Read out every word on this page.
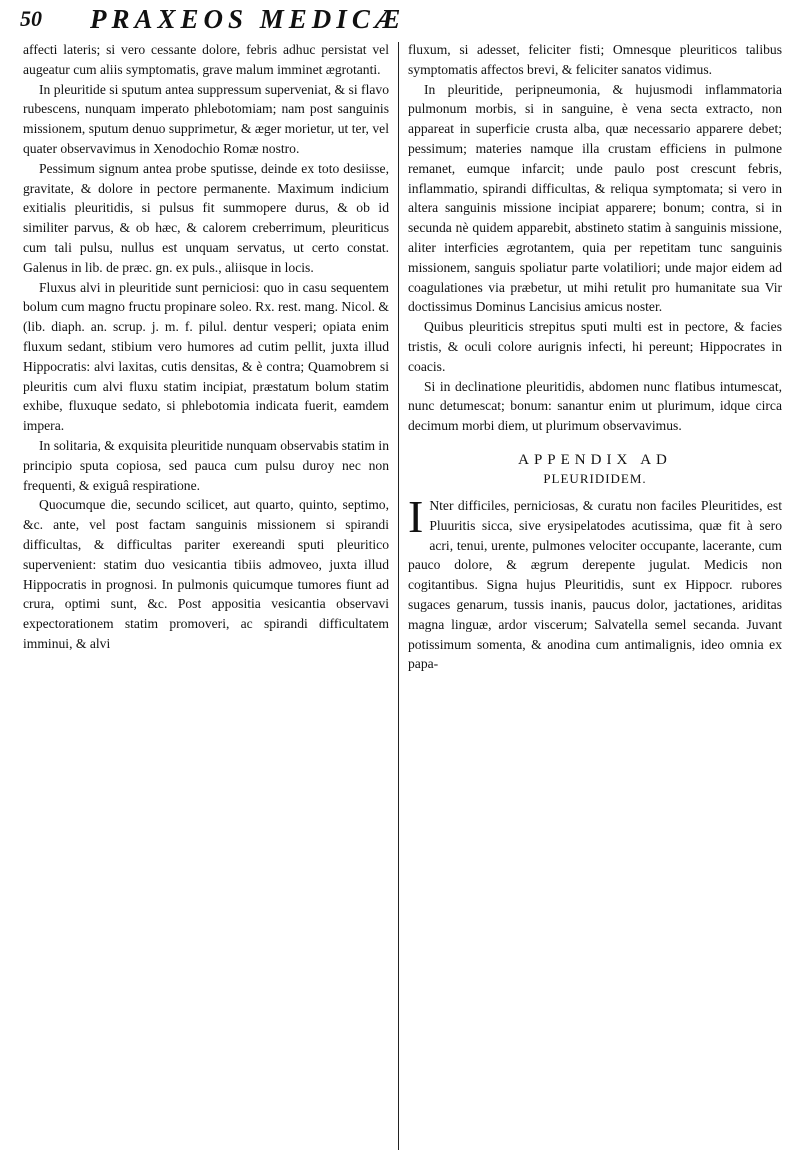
50 PRAXEOS MEDICÆ

affecti lateris; si vero cessante dolore, febris adhuc persistat vel augeatur cum aliis symptomatis, grave malum imminet ægrotanti.

In pleuritide si sputum antea suppressum superveniat, & si flavo rubescens, nunquam imperato phlebotomiam; nam post sanguinis missionem, sputum denuo supprimetur, & æger morietur, ut ter, vel quater observavimus in Xenodochio Romæ nostro.

Pessimum signum antea probe sputisse, deinde ex toto desiisse, gravitate, & dolore in pectore permanente. Maximum indicium exitialis pleuritidis, si pulsus fit summopere durus, & ob id similiter parvus, & ob hæc, & calorem creberrimum, pleuriticus cum tali pulsu, nullus est unquam servatus, ut certo constat. Galenus in lib. de præc. gn. ex puls., aliisque in locis.

Fluxus alvi in pleuritide sunt perniciosi: quo in casu sequentem bolum cum magno fructu propinare soleo. Rx. rest. mang. Nicol. & (lib. diaph. an. scrup. j. m. f. pilul. dentur vesperi; opiata enim fluxum sedant, stibium vero humores ad cutim pellit, juxta illud Hippocratis: alvi laxitas, cutis densitas, & è contra; Quamobrem si pleuritis cum alvi fluxu statim incipiat, præstatum bolum statim exhibe, fluxuque sedato, si phlebotomia indicata fuerit, eamdem impera.

In solitaria, & exquisita pleuritide nunquam observabis statim in principio sputa copiosa, sed pauca cum pulsu duroy nec non frequenti, & exiguâ respiratione.

Quocumque die, secundo scilicet, aut quarto, quinto, septimo, &c. ante, vel post factam sanguinis missionem si spirandi difficultas, & difficultas pariter exereandi sputi pleuritico supervenient: statim duo vesicantia tibiis admoveo, juxta illud Hippocratis in prognosi. In pulmonis quicumque tumores fiunt ad crura, optimi sunt, &c. Post appositia vesicantia observavi expectorationem statim promoveri, ac spirandi difficultatem imminui, & alvi

fluxum, si adesset, feliciter fisti; Omnesque pleuriticos talibus symptomatis affectos brevi, & feliciter sanatos vidimus.

In pleuritide, peripneumonia, & hujusmodi inflammatoria pulmonum morbis, si in sanguine, è vena secta extracto, non appareat in superficie crusta alba, quæ necessario apparere debet; pessimum; materies namque illa crustam efficiens in pulmone remanet, eumque infarcit; unde paulo post crescunt febris, inflammatio, spirandi difficultas, & reliqua symptomata; si vero in altera sanguinis missione incipiat apparere; bonum; contra, si in secunda nè quidem apparebit, abstineto statim à sanguinis missione, aliter interficies ægrotantem, quia per repetitam tunc sanguinis missionem, sanguis spoliatur parte volatiliori; unde major eidem ad coagulationes via præbetur, ut mihi retulit pro humanitate sua Vir doctissimus Dominus Lancisius amicus noster.

Quibus pleuriticis strepitus sputi multi est in pectore, & facies tristis, & oculi colore aurignis infecti, hi pereunt; Hippocrates in coacis.

Si in declinatione pleuritidis, abdomen nunc flatibus intumescat, nunc detumescat; bonum: sanantur enim ut plurimum, idque circa decimum morbi diem, ut plurimum observavimus.

APPENDIX AD
PLEURIDIDEM.

I Nter difficiles, perniciosas, & curatu non faciles Pleuritides, est Pluuritis sicca, sive erysipelatodes acutissima, quæ fit à sero acri, tenui, urente, pulmones velociter occupante, lacerante, cum pauco dolore, & ægrum derepente jugulat. Medicis non cogitantibus. Signa hujus Pleuritidis, sunt ex Hippocr. rubores sugaces genarum, tussis inanis, paucus dolor, jactationes, ariditas magna linguæ, ardor viscerum; Salvatella semel secanda. Juvant potissimum somenta, & anodina cum antimalignis, ideo omnia ex papa-
